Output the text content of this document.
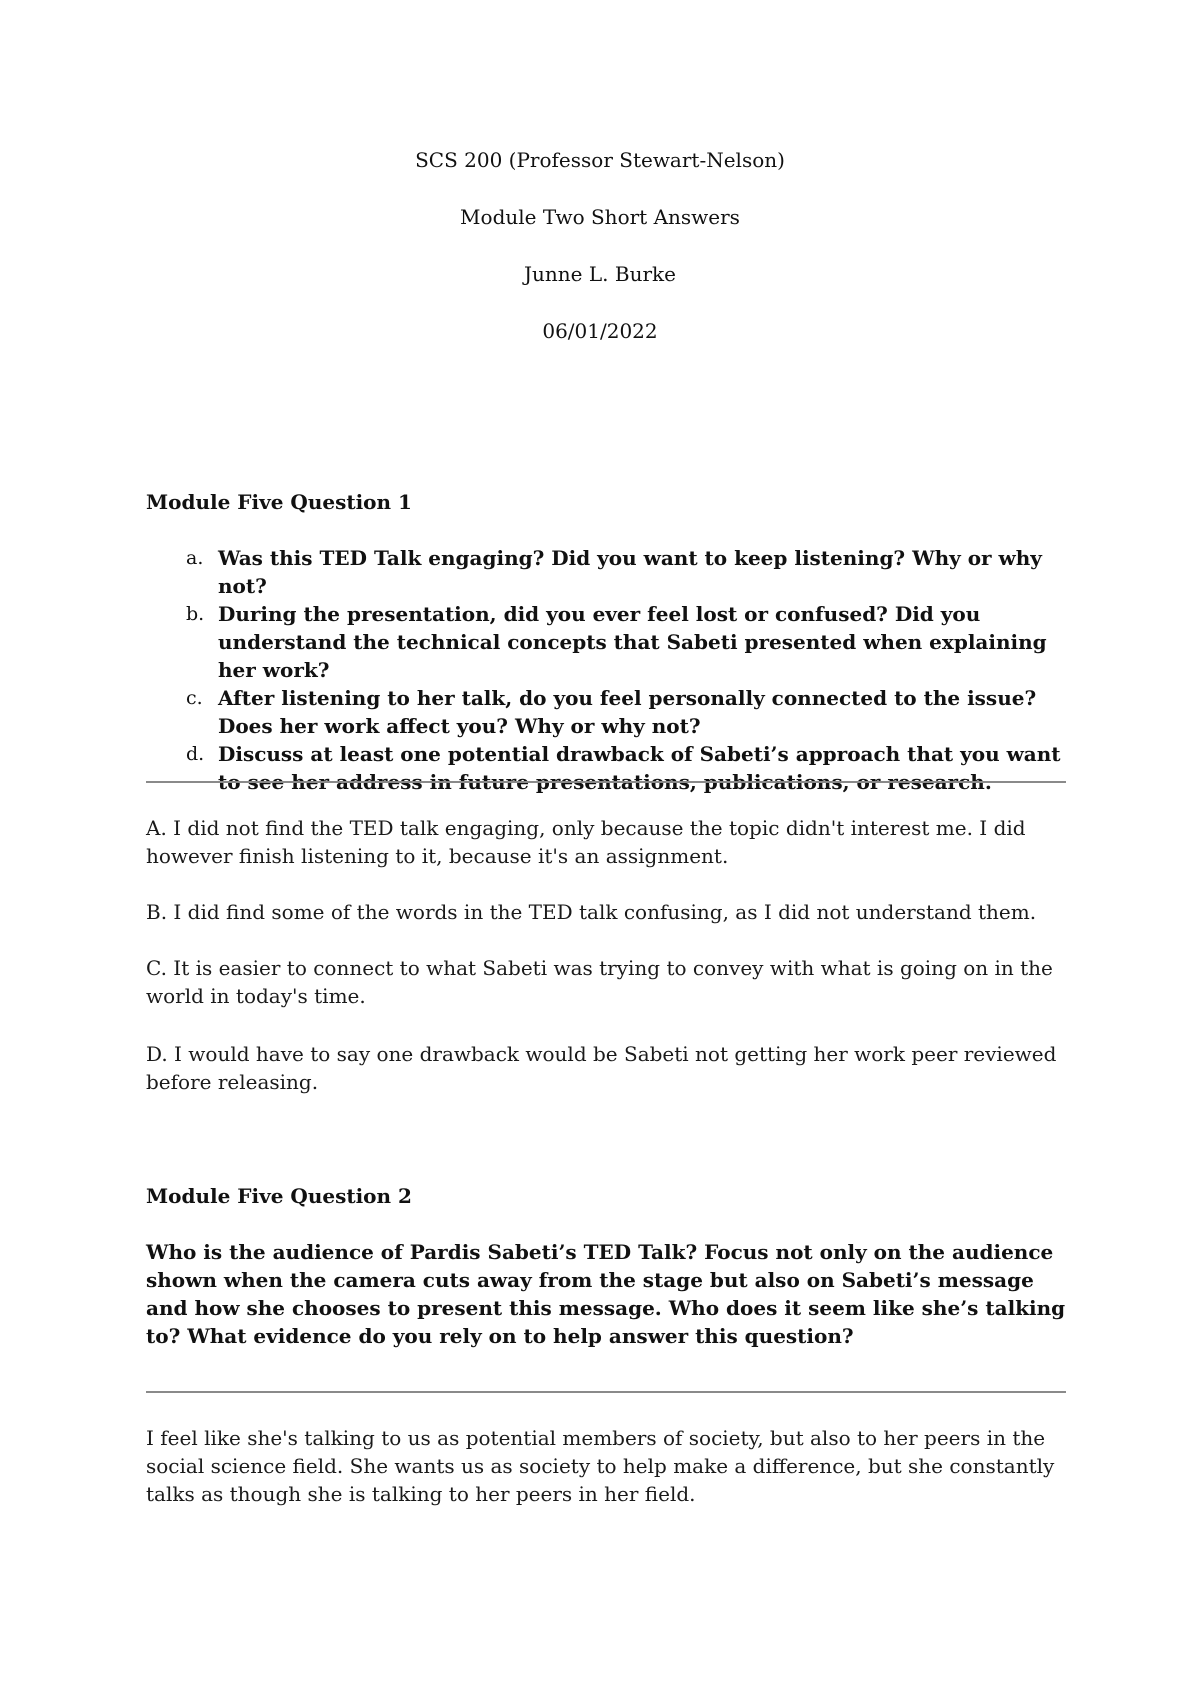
SCS 200 (Professor Stewart-Nelson)
Module Two Short Answers
Junne L. Burke
06/01/2022
Module Five Question 1
a. Was this TED Talk engaging? Did you want to keep listening? Why or why not?
b. During the presentation, did you ever feel lost or confused? Did you understand the technical concepts that Sabeti presented when explaining her work?
c. After listening to her talk, do you feel personally connected to the issue? Does her work affect you? Why or why not?
d. Discuss at least one potential drawback of Sabeti’s approach that you want to see her address in future presentations, publications, or research.
A. I did not find the TED talk engaging, only because the topic didn't interest me. I did however finish listening to it, because it's an assignment.
B. I did find some of the words in the TED talk confusing, as I did not understand them.
C. It is easier to connect to what Sabeti was trying to convey with what is going on in the world in today's time.
D. I would have to say one drawback would be Sabeti not getting her work peer reviewed before releasing.
Module Five Question 2
Who is the audience of Pardis Sabeti’s TED Talk? Focus not only on the audience shown when the camera cuts away from the stage but also on Sabeti’s message and how she chooses to present this message. Who does it seem like she’s talking to? What evidence do you rely on to help answer this question?
I feel like she's talking to us as potential members of society, but also to her peers in the social science field. She wants us as society to help make a difference, but she constantly talks as though she is talking to her peers in her field.
